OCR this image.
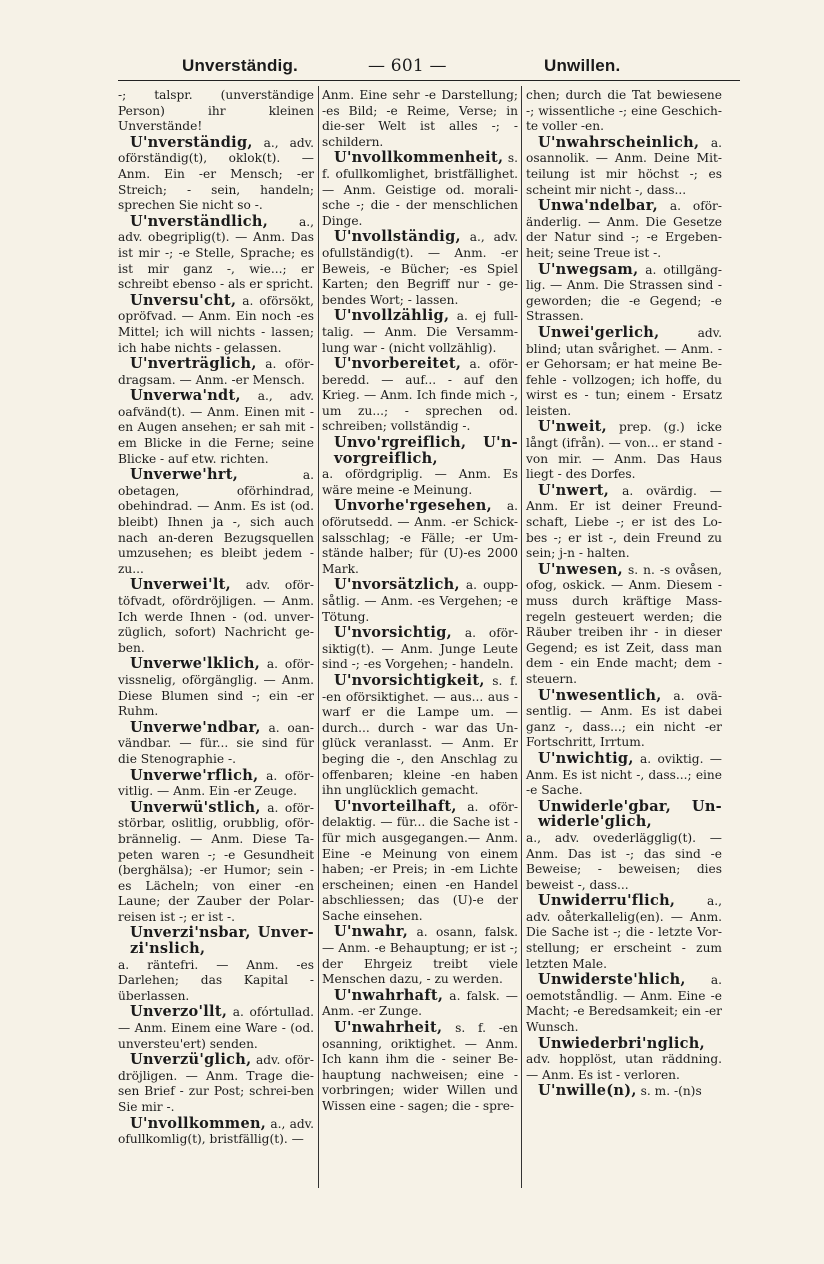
Unverständig.	— 601 —	Unwillen.

-; talspr. (unverständige Person) ihr kleinen Unverstände!

U'nverständig, a., adv. oförständig(t), oklok(t). — Anm. Ein -er Mensch; -er Streich; - sein, handeln; sprechen Sie nicht so -.

U'nverständlich, a., adv. obegriplig(t). — Anm. Das ist mir -; -e Stelle, Sprache; es ist mir ganz -, wie...; er schreibt ebenso - als er spricht.

Unversu'cht, a. oförsökt, opröfvad. — Anm. Ein noch -es Mittel; ich will nichts - lassen; ich habe nichts - gelassen.

U'nverträglich, a. oför-dragsam. — Anm. -er Mensch.

Unverwa'ndt, a., adv. oafvänd(t). — Anm. Einen mit -en Augen ansehen; er sah mit -em Blicke in die Ferne; seine Blicke - auf etw. richten.

Unverwe'hrt, a. obetagen, oförhindrad, obehindrad. — Anm. Es ist (od. bleibt) Ihnen ja -, sich auch nach an-deren Bezugsquellen umzusehen; es bleibt jedem - zu...

Unverwei'lt, adv. oför-töfvadt, ofördröjligen. — Anm. Ich werde Ihnen - (od. unver-züglich, sofort) Nachricht ge-ben.

Unverwe'lklich, a. oför-vissnelig, oförgänglig. — Anm. Diese Blumen sind -; ein -er Ruhm.

Unverwe'ndbar, a. oan-vändbar. — für... sie sind für die Stenographie -.

Unverwe'rflich, a. oför-vitlig. — Anm. Ein -er Zeuge.

Unverwü'stlich, a. oför-störbar, oslitlig, orubblig, oför-brännelig. — Anm. Diese Ta-peten waren -; -e Gesundheit (berghälsa); -er Humor; sein -es Lächeln; von einer -en Laune; der Zauber der Polar-reisen ist -; er ist -.

Unverzi'nsbar, Unver-zi'nslich, a. räntefri. — Anm. -es Darlehen; das Kapital - überlassen.

Unverzo'llt, a. ofórtullad. — Anm. Einem eine Ware - (od. unversteu'ert) senden.

Unverzü'glich, adv. oför-dröjligen. — Anm. Trage die-sen Brief - zur Post; schrei-ben Sie mir -.

U'nvollkommen, a., adv. ofullkomlig(t), bristfällig(t). —

Anm. Eine sehr -e Darstellung; -es Bild; -e Reime, Verse; in die-ser Welt ist alles -; - schildern.

U'nvollkommenheit, s. f. ofullkomlighet, bristfällighet. — Anm. Geistige od. morali-sche -; die - der menschlichen Dinge.

U'nvollständig, a., adv. ofullständig(t). — Anm. -er Beweis, -e Bücher; -es Spiel Karten; den Begriff nur - ge-bendes Wort; - lassen.

U'nvollzählig, a. ej full-talig. — Anm. Die Versamm-lung war - (nicht vollzählig).

U'nvorbereitet, a. oför-beredd. — auf... - auf den Krieg. — Anm. Ich finde mich -, um zu...; - sprechen od. schreiben; vollständig -.

Unvo'rgreiflich, U'n-vorgreiflich, a. ofördgriplig. — Anm. Es wäre meine -e Meinung.

Unvorhe'rgesehen, a. oförutsedd. — Anm. -er Schick-salsschlag; -e Fälle; -er Um-stände halber; für (U)-es 2000 Mark.

U'nvorsätzlich, a. oupp-såtlig. — Anm. -es Vergehen; -e Tötung.

U'nvorsichtig, a. oför-siktig(t). — Anm. Junge Leute sind -; -es Vorgehen; - handeln.

U'nvorsichtigkeit, s. f. -en oförsiktighet. — aus... aus - warf er die Lampe um. — durch... durch - war das Un-glück veranlasst. — Anm. Er beging die -, den Anschlag zu offenbaren; kleine -en haben ihn unglücklich gemacht.

U'nvorteilhaft, a. oför-delaktig. — für... die Sache ist - für mich ausgegangen.— Anm. Eine -e Meinung von einem haben; -er Preis; in -em Lichte erscheinen; einen -en Handel abschliessen; das (U)-e der Sache einsehen.

U'nwahr, a. osann, falsk. — Anm. -e Behauptung; er ist -; der Ehrgeiz treibt viele Menschen dazu, - zu werden.

U'nwahrhaft, a. falsk. — Anm. -er Zunge.

U'nwahrheit, s. f. -en osanning, oriktighet. — Anm. Ich kann ihm die - seiner Be-hauptung nachweisen; eine - vorbringen; wider Willen und Wissen eine - sagen; die - spre-

chen; durch die Tat bewiesene -; wissentliche -; eine Geschich-te voller -en.

U'nwahrscheinlich, a. osannolik. — Anm. Deine Mit-teilung ist mir höchst -; es scheint mir nicht -, dass...

Unwa'ndelbar, a. oför-änderlig. — Anm. Die Gesetze der Natur sind -; -e Ergeben-heit; seine Treue ist -.

U'nwegsam, a. otillgäng-lig. — Anm. Die Strassen sind - geworden; die -e Gegend; -e Strassen.

Unwei'gerlich, adv. blind; utan svårighet. — Anm. -er Gehorsam; er hat meine Be-fehle - vollzogen; ich hoffe, du wirst es - tun; einem - Ersatz leisten.

U'nweit, prep. (g.) icke långt (ifrån). — von... er stand - von mir. — Anm. Das Haus liegt - des Dorfes.

U'nwert, a. ovärdig. — Anm. Er ist deiner Freund-schaft, Liebe -; er ist des Lo-bes -; er ist -, dein Freund zu sein; j-n - halten.

U'nwesen, s. n. -s ovåsen, ofog, oskick. — Anm. Diesem - muss durch kräftige Mass-regeln gesteuert werden; die Räuber treiben ihr - in dieser Gegend; es ist Zeit, dass man dem - ein Ende macht; dem - steuern.

U'nwesentlich, a. ovä-sentlig. — Anm. Es ist dabei ganz -, dass...; ein nicht -er Fortschritt, Irrtum.

U'nwichtig, a. oviktig. — Anm. Es ist nicht -, dass...; eine -e Sache.

Unwiderle'gbar, Un-widerle'glich, a., adv. ovederlägglig(t). — Anm. Das ist -; das sind -e Beweise; - beweisen; dies beweist -, dass...

Unwiderru'flich, a., adv. oåterkallelig(en). — Anm. Die Sache ist -; die - letzte Vor-stellung; er erscheint - zum letzten Male.

Unwiderste'hlich, a. oemotståndlig. — Anm. Eine -e Macht; -e Beredsamkeit; ein -er Wunsch.

Unwiederbri'nglich, adv. hopplöst, utan räddning. — Anm. Es ist - verloren.

U'nwille(n), s. m. -(n)s
